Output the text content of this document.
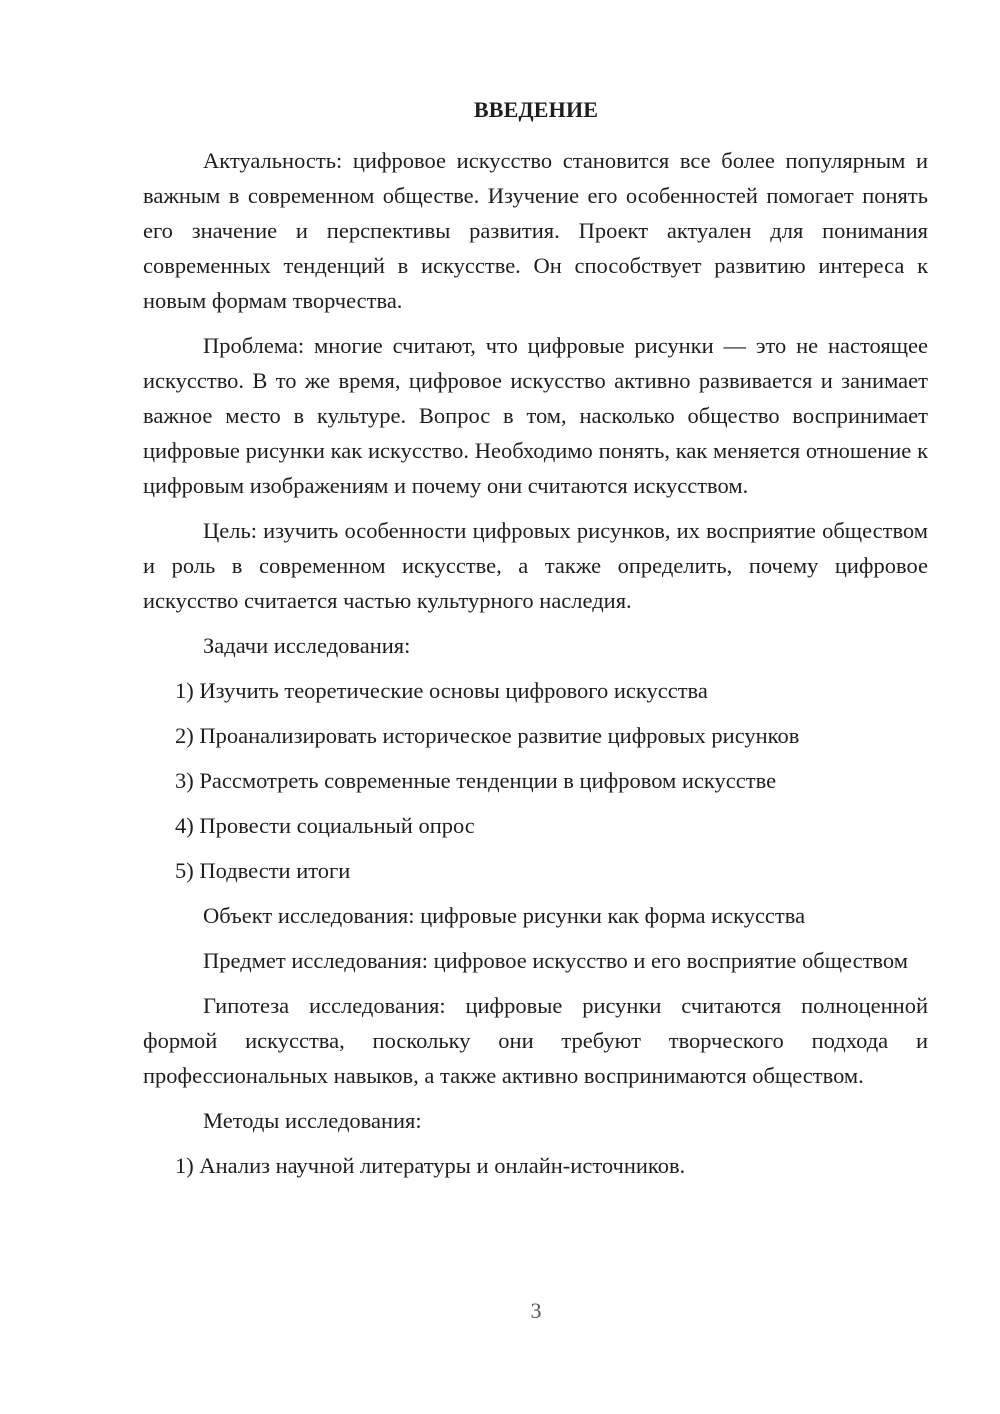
ВВЕДЕНИЕ

Актуальность: цифровое искусство становится все более популярным и важным в современном обществе. Изучение его особенностей помогает понять его значение и перспективы развития. Проект актуален для понимания современных тенденций в искусстве. Он способствует развитию интереса к новым формам творчества.

Проблема: многие считают, что цифровые рисунки — это не настоящее искусство. В то же время, цифровое искусство активно развивается и занимает важное место в культуре. Вопрос в том, насколько общество воспринимает цифровые рисунки как искусство. Необходимо понять, как меняется отношение к цифровым изображениям и почему они считаются искусством.

Цель: изучить особенности цифровых рисунков, их восприятие обществом и роль в современном искусстве, а также определить, почему цифровое искусство считается частью культурного наследия.

Задачи исследования:

1) Изучить теоретические основы цифрового искусства

2) Проанализировать историческое развитие цифровых рисунков

3) Рассмотреть современные тенденции в цифровом искусстве

4) Провести социальный опрос

5) Подвести итоги

Объект исследования: цифровые рисунки как форма искусства

Предмет исследования: цифровое искусство и его восприятие обществом

Гипотеза исследования: цифровые рисунки считаются полноценной формой искусства, поскольку они требуют творческого подхода и профессиональных навыков, а также активно воспринимаются обществом.

Методы исследования:

1) Анализ научной литературы и онлайн-источников.

3
